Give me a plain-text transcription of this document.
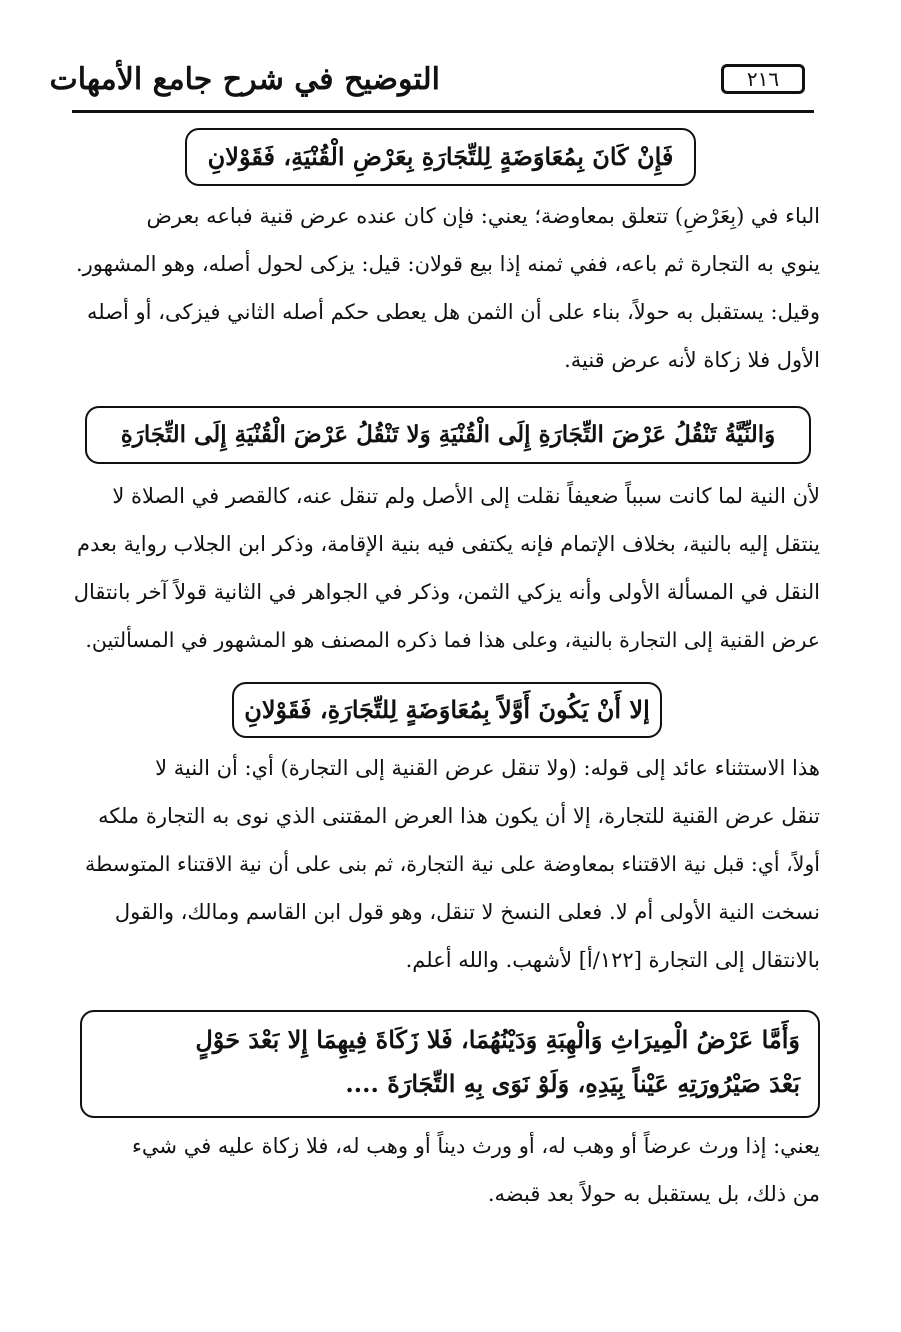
٢١٦
التوضيح في شرح جامع الأمهات
فَإِنْ كَانَ بِمُعَاوَضَةٍ لِلتِّجَارَةِ بِعَرْضِ الْقُنْيَةِ، فَقَوْلانِ
الباء في (بِعَرْضِ) تتعلق بمعاوضة؛ يعني: فإن كان عنده عرض قنية فباعه بعرض
ينوي به التجارة ثم باعه، ففي ثمنه إذا بيع قولان: قيل: يزكى لحول أصله، وهو المشهور.
وقيل: يستقبل به حولاً، بناء على أن الثمن هل يعطى حكم أصله الثاني فيزكى، أو أصله
الأول فلا زكاة لأنه عرض قنية.
وَالنِّيَّةُ تَنْقُلُ عَرْضَ التِّجَارَةِ إِلَى الْقُنْيَةِ وَلا تَنْقُلُ عَرْضَ الْقُنْيَةِ إِلَى التِّجَارَةِ
لأن النية لما كانت سبباً ضعيفاً نقلت إلى الأصل ولم تنقل عنه، كالقصر في الصلاة لا
ينتقل إليه بالنية، بخلاف الإتمام فإنه يكتفى فيه بنية الإقامة، وذكر ابن الجلاب رواية بعدم
النقل في المسألة الأولى وأنه يزكي الثمن، وذكر في الجواهر في الثانية قولاً آخر بانتقال
عرض القنية إلى التجارة بالنية، وعلى هذا فما ذكره المصنف هو المشهور في المسألتين.
إلا أَنْ يَكُونَ أَوَّلاً بِمُعَاوَضَةٍ لِلتِّجَارَةِ، فَقَوْلانِ
هذا الاستثناء عائد إلى قوله: (ولا تنقل عرض القنية إلى التجارة) أي: أن النية لا
تنقل عرض القنية للتجارة، إلا أن يكون هذا العرض المقتنى الذي نوى به التجارة ملكه
أولاً، أي: قبل نية الاقتناء بمعاوضة على نية التجارة، ثم بنى على أن نية الاقتناء المتوسطة
نسخت النية الأولى أم لا. فعلى النسخ لا تنقل، وهو قول ابن القاسم ومالك، والقول
بالانتقال إلى التجارة [١٢٢/أ] لأشهب. والله أعلم.
وَأَمَّا عَرْضُ الْمِيرَاثِ وَالْهِبَةِ وَدَيْنُهُمَا، فَلا زَكَاةَ فِيهِمَا إِلا بَعْدَ حَوْلٍ
بَعْدَ صَيْرُورَتِهِ عَيْناً بِيَدِهِ، وَلَوْ نَوَى بِهِ التِّجَارَةَ ....
يعني: إذا ورث عرضاً أو وهب له، أو ورث ديناً أو وهب له، فلا زكاة عليه في شيء
من ذلك، بل يستقبل به حولاً بعد قبضه.
